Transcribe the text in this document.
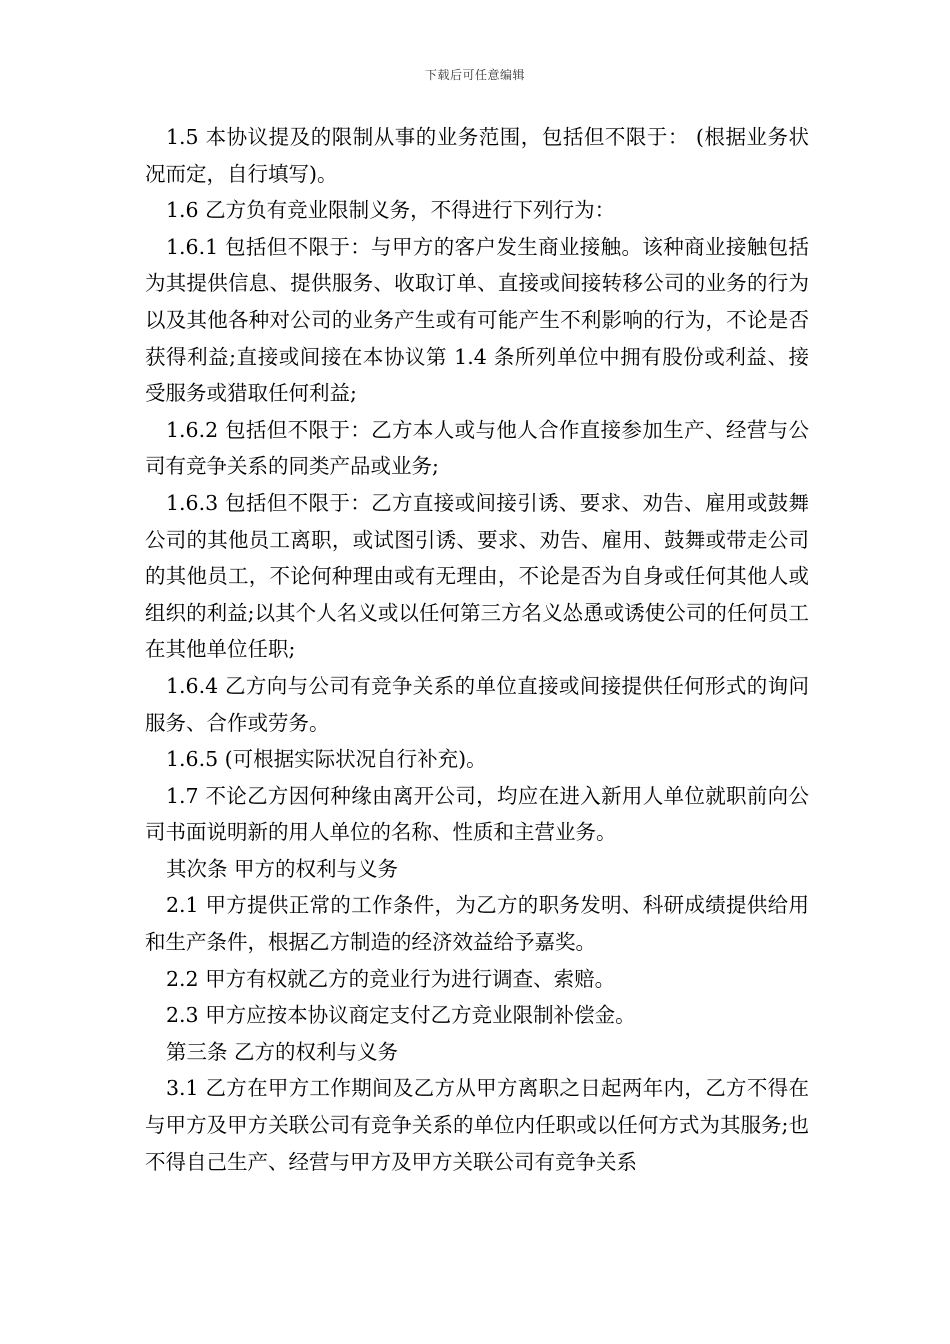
下载后可任意编辑

1.5 本协议提及的限制从事的业务范围，包括但不限于： (根据业务状况而定，自行填写)。

1.6 乙方负有竞业限制义务，不得进行下列行为：

1.6.1 包括但不限于：与甲方的客户发生商业接触。该种商业接触包括为其提供信息、提供服务、收取订单、直接或间接转移公司的业务的行为以及其他各种对公司的业务产生或有可能产生不利影响的行为，不论是否获得利益;直接或间接在本协议第 1.4 条所列单位中拥有股份或利益、接受服务或猎取任何利益;

1.6.2 包括但不限于：乙方本人或与他人合作直接参加生产、经营与公司有竞争关系的同类产品或业务;

1.6.3 包括但不限于：乙方直接或间接引诱、要求、劝告、雇用或鼓舞公司的其他员工离职，或试图引诱、要求、劝告、雇用、鼓舞或带走公司的其他员工，不论何种理由或有无理由，不论是否为自身或任何其他人或组织的利益;以其个人名义或以任何第三方名义怂恿或诱使公司的任何员工在其他单位任职;

1.6.4 乙方向与公司有竞争关系的单位直接或间接提供任何形式的询问服务、合作或劳务。

1.6.5 (可根据实际状况自行补充)。

1.7 不论乙方因何种缘由离开公司，均应在进入新用人单位就职前向公司书面说明新的用人单位的名称、性质和主营业务。

其次条 甲方的权利与义务

2.1 甲方提供正常的工作条件，为乙方的职务发明、科研成绩提供给用和生产条件，根据乙方制造的经济效益给予嘉奖。

2.2 甲方有权就乙方的竞业行为进行调查、索赔。

2.3 甲方应按本协议商定支付乙方竞业限制补偿金。

第三条 乙方的权利与义务

3.1 乙方在甲方工作期间及乙方从甲方离职之日起两年内，乙方不得在与甲方及甲方关联公司有竞争关系的单位内任职或以任何方式为其服务;也不得自己生产、经营与甲方及甲方关联公司有竞争关系
